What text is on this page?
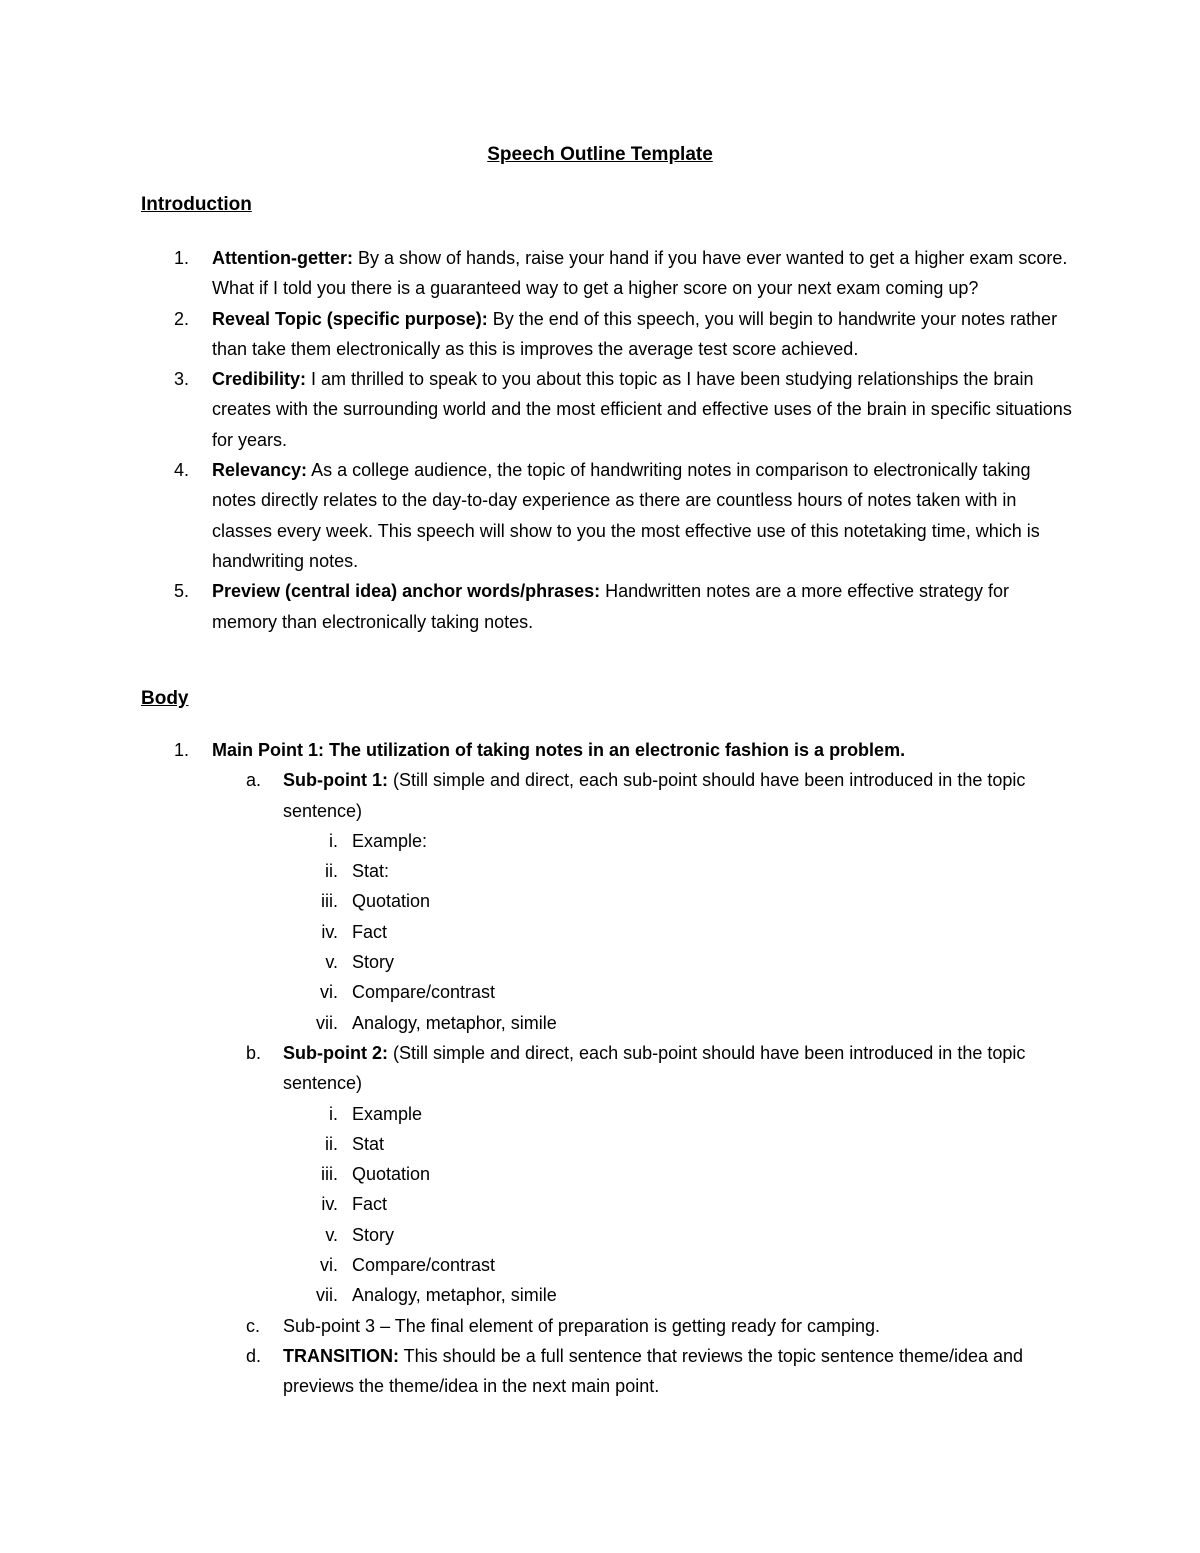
Speech Outline Template
Introduction
1.	Attention-getter: By a show of hands, raise your hand if you have ever wanted to get a higher exam score. What if I told you there is a guaranteed way to get a higher score on your next exam coming up?
2.	Reveal Topic (specific purpose): By the end of this speech, you will begin to handwrite your notes rather than take them electronically as this is improves the average test score achieved.
3.	Credibility: I am thrilled to speak to you about this topic as I have been studying relationships the brain creates with the surrounding world and the most efficient and effective uses of the brain in specific situations for years.
4.	Relevancy: As a college audience, the topic of handwriting notes in comparison to electronically taking notes directly relates to the day-to-day experience as there are countless hours of notes taken with in classes every week. This speech will show to you the most effective use of this notetaking time, which is handwriting notes.
5.	Preview (central idea) anchor words/phrases: Handwritten notes are a more effective strategy for memory than electronically taking notes.
Body
1. Main Point 1: The utilization of taking notes in an electronic fashion is a problem.
a.	Sub-point 1: (Still simple and direct, each sub-point should have been introduced in the topic sentence)
i. Example:
ii. Stat:
iii. Quotation
iv. Fact
v. Story
vi. Compare/contrast
vii. Analogy, metaphor, simile
b.	Sub-point 2: (Still simple and direct, each sub-point should have been introduced in the topic sentence)
i. Example
ii. Stat
iii. Quotation
iv. Fact
v. Story
vi. Compare/contrast
vii. Analogy, metaphor, simile
c.	Sub-point 3 – The final element of preparation is getting ready for camping.
d.	TRANSITION: This should be a full sentence that reviews the topic sentence theme/idea and previews the theme/idea in the next main point.
